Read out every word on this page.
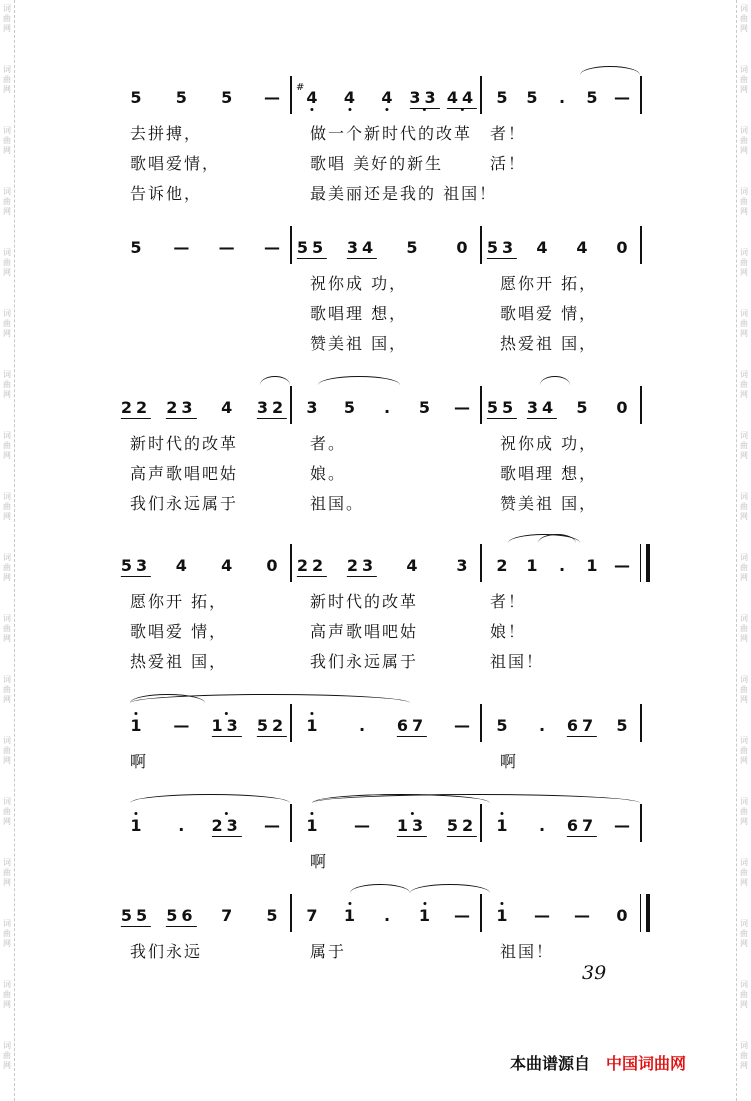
#
5 5 5 — 4 4 4 33 44 5 5 . 5 —
去拼搏，	做一个新时代的改革 者！
歌唱爱情，	歌唱 美好的新生	活！
告诉他，	最美丽还是我的 祖国！
5 — — — 55 34 5 0 53 4 4 0
祝你成 功，	愿你开 拓，
歌唱理 想，	歌唱爱 情，
赞美祖 国，	热爱祖 国，
22 23 4 32 3 5 . 5 — 55 34 5 0
新时代的改革	者。	祝你成 功，
高声歌唱吧姑	娘。	歌唱理 想，
我们永远属于	祖国。	赞美祖 国，
53 4 4 0 22 23 4 3 2 1 . 1 —
愿你开 拓，	新时代的改革	者！
歌唱爱 情，	高声歌唱吧姑	娘！
热爱祖 国，	我们永远属于	祖国！
1 — 13 52 1	. 67 — 5 . 67 5
啊	啊
1 . 23 — 1 — 13 52 1 . 67 —
啊
55 56 7 5 7 1 . 1 — 1 — — 0
我们永远	属于	祖国！
39
本曲谱源自 中国词曲网
词
曲
网
词
曲
网
词
曲
网
词
曲
网
词
曲
网
词
曲
网
词
曲
网
词
曲
网
词
曲
网
词
曲
网
词
曲
网
词
曲
网
词
曲
网
词
曲
网
词
曲
网
词
曲
网
词
曲
网
词
曲
网
词
曲
网
词
曲
网
词
曲
网
词
曲
网
词
曲
网
词
曲
网
词
曲
网
词
曲
网
词
曲
网
词
曲
网
词
曲
网
词
曲
网
词
曲
网
词
曲
网
词
曲
网
词
曲
网
词
曲
网
词
曲
网
